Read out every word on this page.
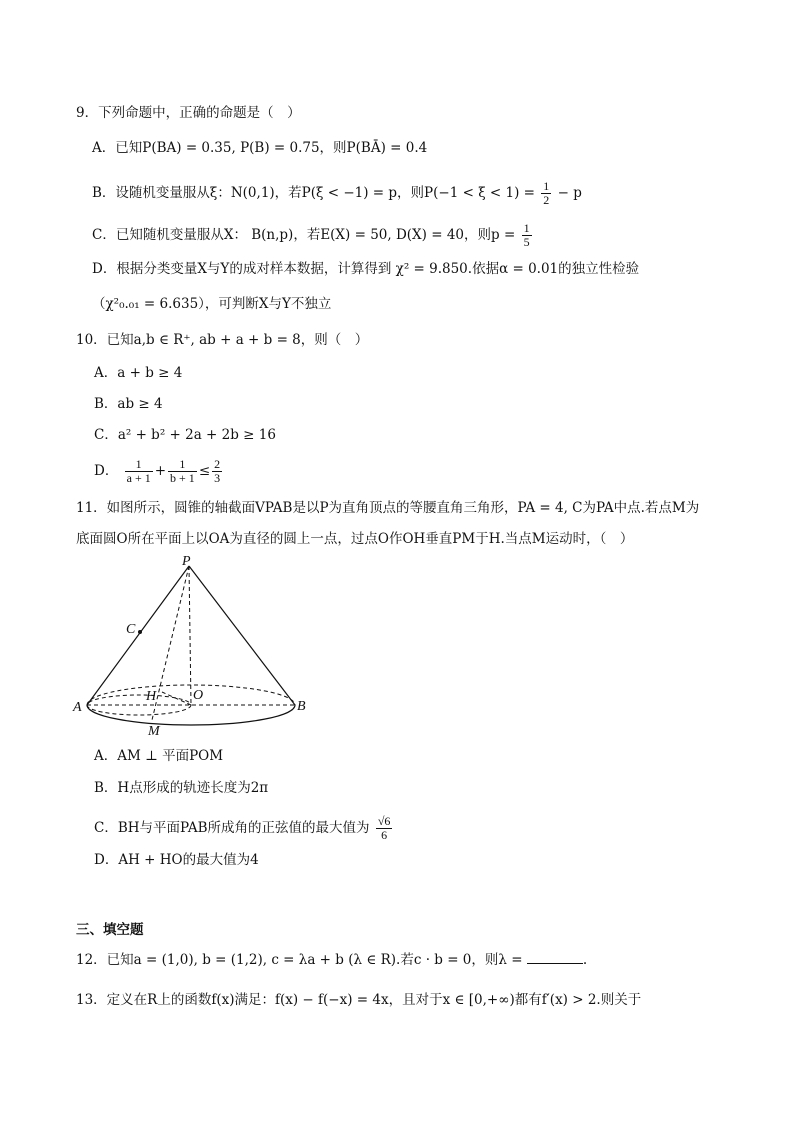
9．下列命题中，正确的命题是（　）
A．已知P(BA) = 0.35, P(B) = 0.75，则P(BĀ) = 0.4
B．设随机变量服从ξ：N(0,1)，若P(ξ < −1) = p，则$P(-1 < \xi < 1) = \frac{1}{2} - p$
C．已知随机变量服从X： B(n,p)，若E(X) = 50, D(X) = 40，则$p = \frac{1}{5}$
D．根据分类变量X与Y的成对样本数据，计算得到 χ² = 9.850.依据α = 0.01的独立性检验
（χ²₀.₀₁ = 6.635），可判断X与Y不独立
10．已知a,b ∈ R⁺, ab + a + b = 8，则（　）
A．a + b ≥ 4
B．ab ≥ 4
C．a² + b² + 2a + 2b ≥ 16
D． $\frac{1}{a + 1} + \frac{1}{b + 1} \le \frac{2}{3}$
11．如图所示，圆锥的轴截面VPAB是以P为直角顶点的等腰直角三角形，PA = 4, C为PA中点.若点M为
底面圆O所在平面上以OA为直径的圆上一点，过点O作OH垂直PM于H.当点M运动时，（　）
P
C
H	O
A	B
M
A．AM ⊥ 平面POM
B．H点形成的轨迹长度为2π
C．BH与平面PAB所成角的正弦值的最大值为 $\frac{√6}{6}$
D．AH + HO的最大值为4
三、填空题
12．已知a = (1,0), b = (1,2), c = λa + b (λ ∈ R).若c · b = 0，则λ =	.
13．定义在R上的函数f(x)满足：f(x) − f(−x) = 4x，且对于x ∈ [0,+∞)都有f′(x) > 2.则关于
